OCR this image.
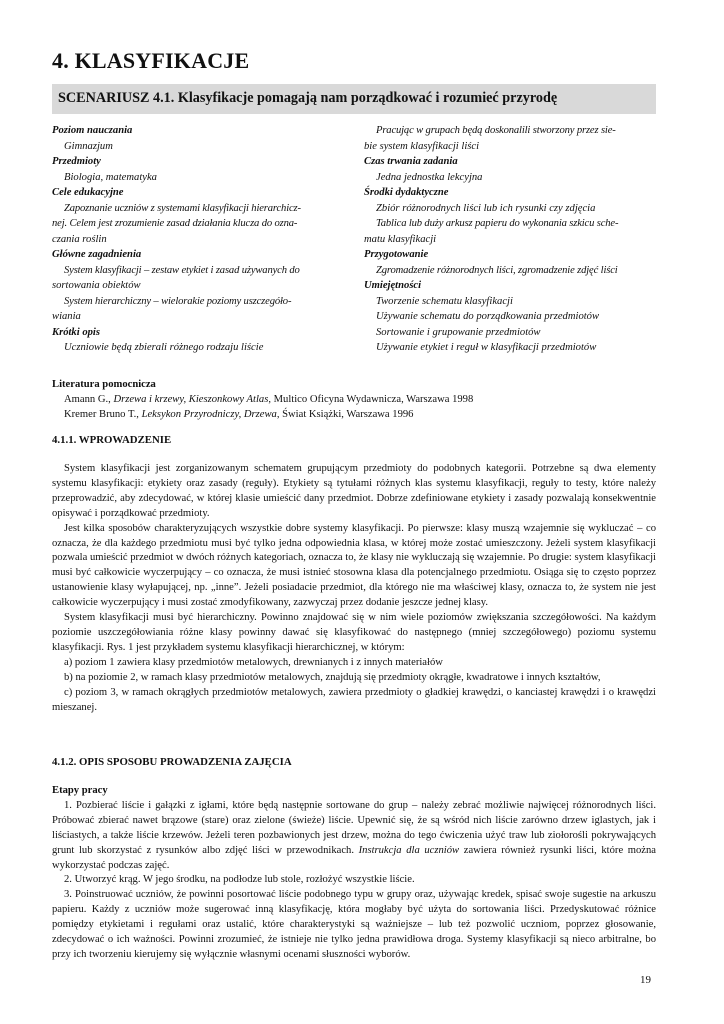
4. KLASYFIKACJE
SCENARIUSZ 4.1. Klasyfikacje pomagają nam porządkować i rozumieć przyrodę

Poziom nauczania

Gimnazjum

Przedmioty

Biologia, matematyka

Cele edukacyjne

Zapoznanie uczniów z systemami klasyfikacji hierarchicz-

nej. Celem jest zrozumienie zasad działania klucza do ozna-

czania roślin

Główne zagadnienia

System klasyfikacji – zestaw etykiet i zasad używanych do

sortowania obiektów

System hierarchiczny – wielorakie poziomy uszczegóło-

wiania

Krótki opis

Uczniowie będą zbierali różnego rodzaju liście

Pracując w grupach będą doskonalili stworzony przez sie-

bie system klasyfikacji liści

Czas trwania zadania

Jedna jednostka lekcyjna

Środki dydaktyczne

Zbiór różnorodnych liści lub ich rysunki czy zdjęcia

Tablica lub duży arkusz papieru do wykonania szkicu sche-

matu klasyfikacji

Przygotowanie

Zgromadzenie różnorodnych liści, zgromadzenie zdjęć liści

Umiejętności

Tworzenie schematu klasyfikacji

Używanie schematu do porządkowania przedmiotów

Sortowanie i grupowanie przedmiotów

Używanie etykiet i reguł w klasyfikacji przedmiotów

Literatura pomocnicza

Amann G., Drzewa i krzewy, Kieszonkowy Atlas, Multico Oficyna Wydawnicza, Warszawa 1998

Kremer Bruno T., Leksykon Przyrodniczy, Drzewa, Świat Książki, Warszawa 1996

4.1.1. WPROWADZENIE

System klasyfikacji jest zorganizowanym schematem grupującym przedmioty do podobnych kategorii. Potrzebne są dwa elementy systemu klasyfikacji: etykiety oraz zasady (reguły). Etykiety są tytułami różnych klas systemu klasyfikacji, reguły to testy, które należy przeprowadzić, aby zdecydować, w której klasie umieścić dany przedmiot. Dobrze zdefiniowane etykiety i zasady pozwalają konsekwentnie opisywać i porządkować przedmioty.

Jest kilka sposobów charakteryzujących wszystkie dobre systemy klasyfikacji. Po pierwsze: klasy muszą wzajemnie się wykluczać – co oznacza, że dla każdego przedmiotu musi być tylko jedna odpowiednia klasa, w której może zostać umieszczony. Jeżeli system klasyfikacji pozwala umieścić przedmiot w dwóch różnych kategoriach, oznacza to, że klasy nie wykluczają się wzajemnie. Po drugie: system klasyfikacji musi być całkowicie wyczerpujący – co oznacza, że musi istnieć stosowna klasa dla potencjalnego przedmiotu. Osiąga się to często poprzez ustanowienie klasy wyłapującej, np. „inne”. Jeżeli posiadacie przedmiot, dla którego nie ma właściwej klasy, oznacza to, że system nie jest całkowicie wyczerpujący i musi zostać zmodyfikowany, zazwyczaj przez dodanie jeszcze jednej klasy.

System klasyfikacji musi być hierarchiczny. Powinno znajdować się w nim wiele poziomów zwiększania szczegółowości. Na każdym poziomie uszczegółowiania różne klasy powinny dawać się klasyfikować do następnego (mniej szczegółowego) poziomu systemu klasyfikacji. Rys. 1 jest przykładem systemu klasyfikacji hierarchicznej, w którym:

a) poziom 1 zawiera klasy przedmiotów metalowych, drewnianych i z innych materiałów

b) na poziomie 2, w ramach klasy przedmiotów metalowych, znajdują się przedmioty okrągłe, kwadratowe i innych kształtów,

c) poziom 3, w ramach okrągłych przedmiotów metalowych, zawiera przedmioty o gładkiej krawędzi, o kanciastej krawędzi i o krawędzi mieszanej.

4.1.2. OPIS SPOSOBU PROWADZENIA ZAJĘCIA

Etapy pracy

1. Pozbierać liście i gałązki z igłami, które będą następnie sortowane do grup – należy zebrać możliwie najwięcej różnorodnych liści. Próbować zbierać nawet brązowe (stare) oraz zielone (świeże) liście. Upewnić się, że są wśród nich liście zarówno drzew iglastych, jak i liściastych, a także liście krzewów. Jeżeli teren pozbawionych jest drzew, można do tego ćwiczenia użyć traw lub ziołorośli pokrywających grunt lub skorzystać z rysunków albo zdjęć liści w przewodnikach. Instrukcja dla uczniów zawiera również rysunki liści, które można wykorzystać podczas zajęć.

2. Utworzyć krąg. W jego środku, na podłodze lub stole, rozłożyć wszystkie liście.

3. Poinstruować uczniów, że powinni posortować liście podobnego typu w grupy oraz, używając kredek, spisać swoje sugestie na arkuszu papieru. Każdy z uczniów może sugerować inną klasyfikację, która mogłaby być użyta do sortowania liści. Przedyskutować różnice pomiędzy etykietami i regułami oraz ustalić, które charakterystyki są ważniejsze – lub też pozwolić uczniom, poprzez głosowanie, zdecydować o ich ważności. Powinni zrozumieć, że istnieje nie tylko jedna prawidłowa droga. Systemy klasyfikacji są nieco arbitralne, bo przy ich tworzeniu kierujemy się wyłącznie własnymi ocenami słuszności wyborów.

19
